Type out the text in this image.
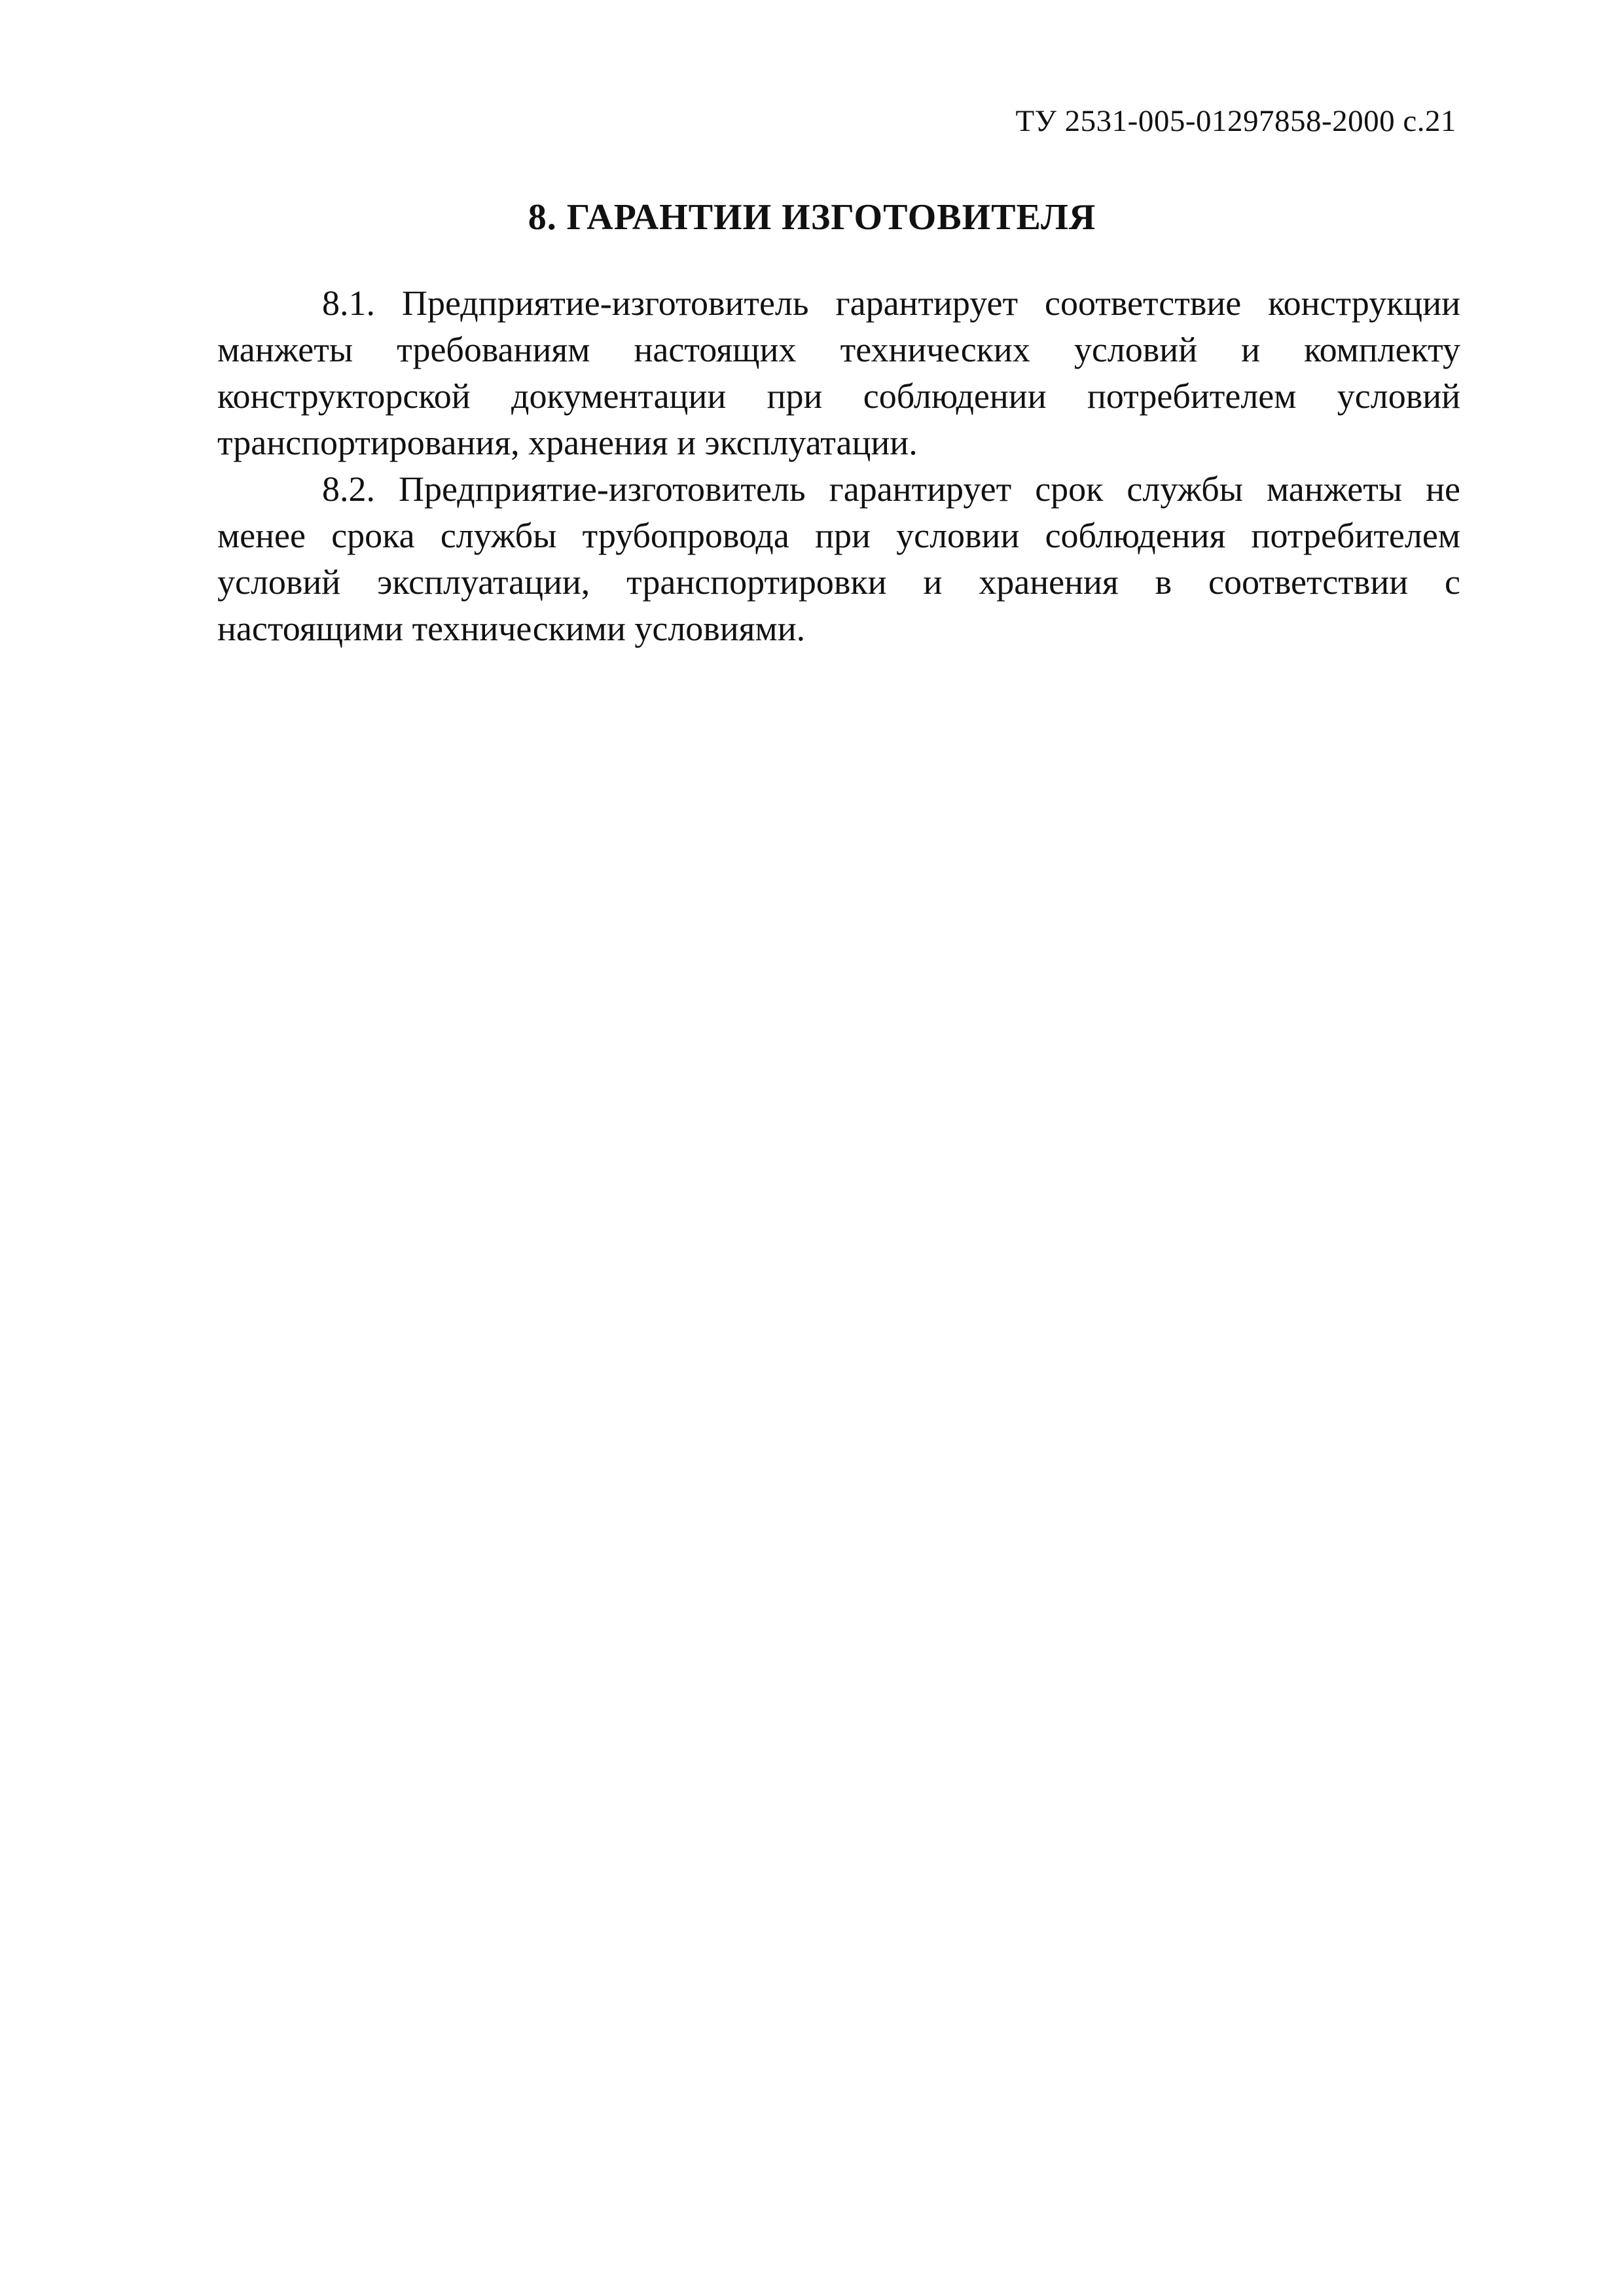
ТУ 2531-005-01297858-2000 с.21
8. ГАРАНТИИ ИЗГОТОВИТЕЛЯ

8.1. Предприятие-изготовитель гарантирует соответствие конструкции манжеты требованиям настоящих технических условий и комплекту конструкторской документации при соблюдении потребителем условий транспортирования, хранения и эксплуатации.

8.2. Предприятие-изготовитель гарантирует срок службы манжеты не менее срока службы трубопровода при условии соблюдения потребителем условий эксплуатации, транспортировки и хранения в соответствии с настоящими техническими условиями.
